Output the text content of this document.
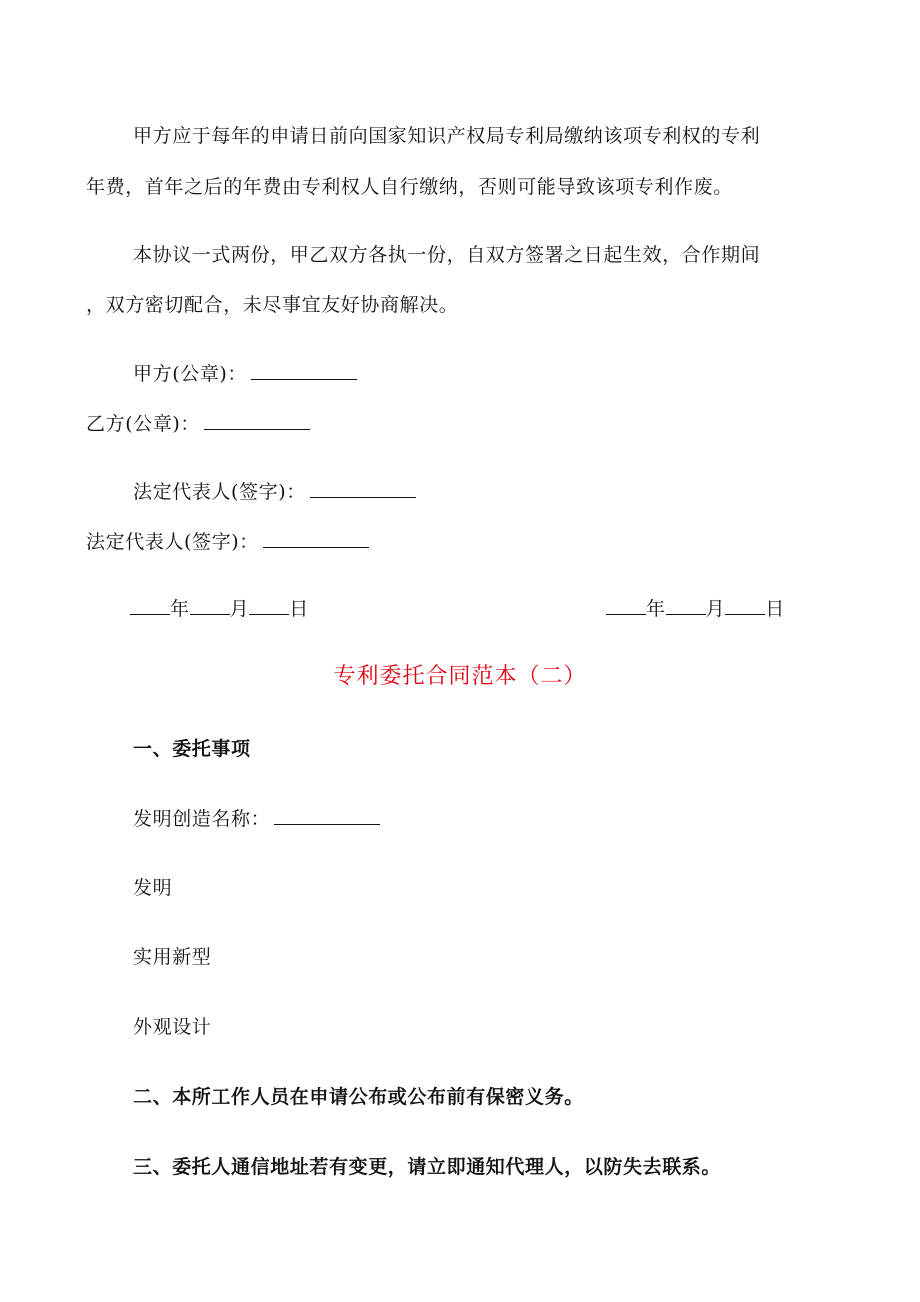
甲方应于每年的申请日前向国家知识产权局专利局缴纳该项专利权的专利
年费，首年之后的年费由专利权人自行缴纳，否则可能导致该项专利作废。
本协议一式两份，甲乙双方各执一份，自双方签署之日起生效，合作期间
，双方密切配合，未尽事宜友好协商解决。
甲方(公章)：
乙方(公章)：
法定代表人(签字)：
法定代表人(签字)：
年 月 日	年 月 日
专利委托合同范本（二）
一、委托事项
发明创造名称：
发明
实用新型
外观设计
二、本所工作人员在申请公布或公布前有保密义务。
三、委托人通信地址若有变更，请立即通知代理人，以防失去联系。
